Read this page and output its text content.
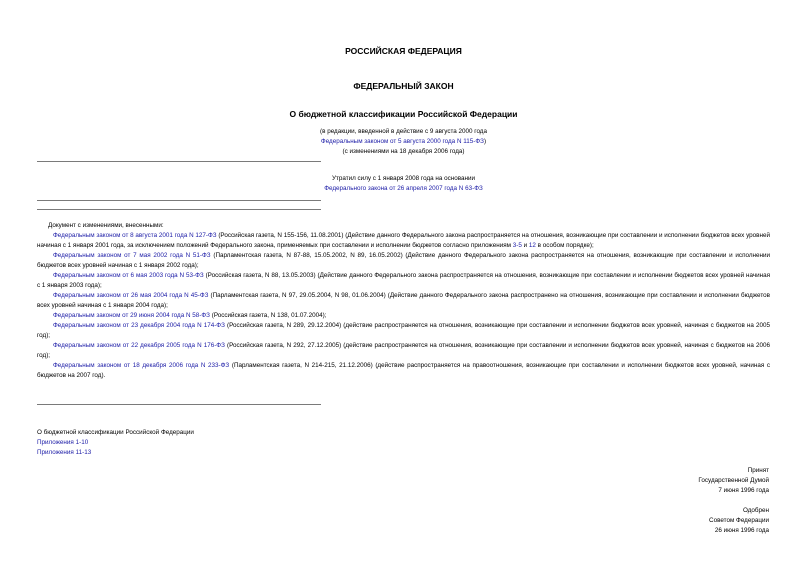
РОССИЙСКАЯ ФЕДЕРАЦИЯ
ФЕДЕРАЛЬНЫЙ ЗАКОН
О бюджетной классификации Российской Федерации
(в редакции, введенной в действие с 9 августа 2000 года
Федеральным законом от 5 августа 2000 года N 115-ФЗ)
(с изменениями на 18 декабря 2006 года)
Утратил силу с 1 января 2008 года на основании
Федерального закона от 26 апреля 2007 года N 63-ФЗ

Документ с изменениями, внесенными:

Федеральным законом от 8 августа 2001 года N 127-ФЗ (Российская газета, N 155-156, 11.08.2001) (Действие данного Федерального закона распространяется на отношения, возникающие при составлении и исполнении бюджетов всех уровней начиная с 1 января 2001 года, за исключением положений Федерального закона, применяемых при составлении и исполнении бюджетов согласно приложениям 3-5 и 12 в особом порядке);

Федеральным законом от 7 мая 2002 года N 51-ФЗ (Парламентская газета, N 87-88, 15.05.2002, N 89, 16.05.2002) (Действие данного Федерального закона распространяется на отношения, возникающие при составлении и исполнении бюджетов всех уровней начиная с 1 января 2002 года);

Федеральным законом от 6 мая 2003 года N 53-ФЗ (Российская газета, N 88, 13.05.2003) (Действие данного Федерального закона распространяется на отношения, возникающие при составлении и исполнении бюджетов всех уровней начиная с 1 января 2003 года);

Федеральным законом от 26 мая 2004 года N 45-ФЗ (Парламентская газета, N 97, 29.05.2004, N 98, 01.06.2004) (Действие данного Федерального закона распространено на отношения, возникающие при составлении и исполнении бюджетов всех уровней начиная с 1 января 2004 года);

Федеральным законом от 29 июня 2004 года N 58-ФЗ (Российская газета, N 138, 01.07.2004);

Федеральным законом от 23 декабря 2004 года N 174-ФЗ (Российская газета, N 289, 29.12.2004) (действие распространяется на отношения, возникающие при составлении и исполнении бюджетов всех уровней, начиная с бюджетов на 2005 год);

Федеральным законом от 22 декабря 2005 года N 176-ФЗ (Российская газета, N 292, 27.12.2005) (действие распространяется на отношения, возникающие при составлении и исполнении бюджетов всех уровней, начиная с бюджетов на 2006 год);

Федеральным законом от 18 декабря 2006 года N 233-ФЗ (Парламентская газета, N 214-215, 21.12.2006) (действие распространяется на правоотношения, возникающие при составлении и исполнении бюджетов всех уровней, начиная с бюджетов на 2007 год).

О бюджетной классификации Российской Федерации
Приложения 1-10
Приложения 11-13
Принят
Государственной Думой
7 июня 1996 года
Одобрен
Советом Федерации
26 июня 1996 года
